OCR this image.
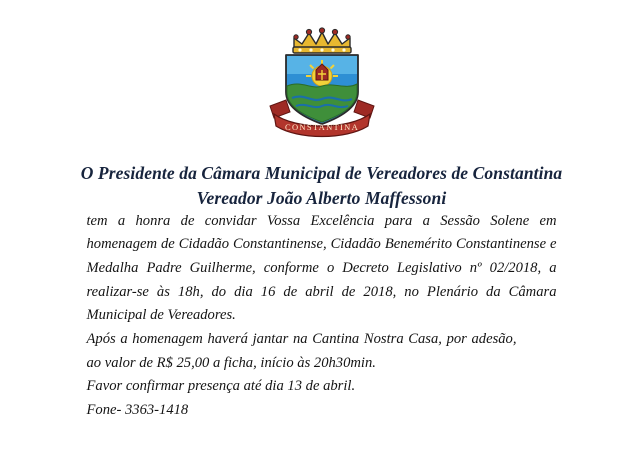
CONSTANTINA
O Presidente da Câmara Municipal de Vereadores de Constantina
Vereador João Alberto Maffessoni

tem a honra de convidar Vossa Excelência para a Sessão Solene em homenagem de Cidadão Constantinense, Cidadão Benemérito Constantinense e Medalha Padre Guilherme, conforme o Decreto Legislativo nº 02/2018, a realizar-se às 18h, do dia 16 de abril de 2018, no Plenário da Câmara Municipal de Vereadores.

Após a homenagem haverá jantar na Cantina Nostra Casa, por adesão, ao valor de R$ 25,00 a ficha, início às 20h30min.

Favor confirmar presença até dia 13 de abril.

Fone- 3363-1418
